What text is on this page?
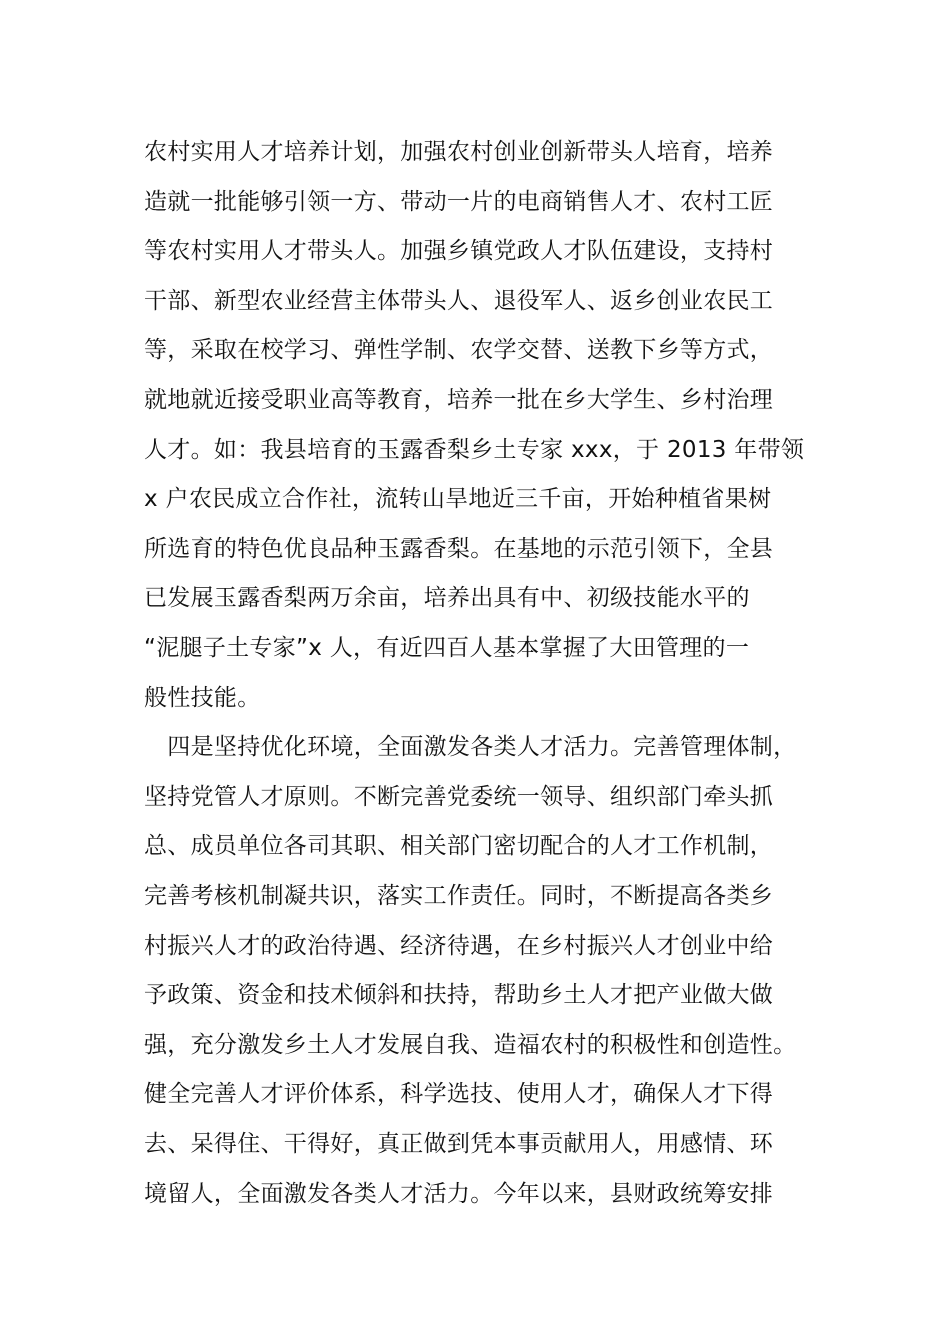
农村实用人才培养计划，加强农村创业创新带头人培育，培养
造就一批能够引领一方、带动一片的电商销售人才、农村工匠
等农村实用人才带头人。加强乡镇党政人才队伍建设，支持村
干部、新型农业经营主体带头人、退役军人、返乡创业农民工
等，采取在校学习、弹性学制、农学交替、送教下乡等方式，
就地就近接受职业高等教育，培养一批在乡大学生、乡村治理
人才。如：我县培育的玉露香梨乡土专家 xxx，于 2013 年带领
x 户农民成立合作社，流转山旱地近三千亩，开始种植省果树
所选育的特色优良品种玉露香梨。在基地的示范引领下，全县
已发展玉露香梨两万余亩，培养出具有中、初级技能水平的
“泥腿子土专家”x 人，有近四百人基本掌握了大田管理的一
般性技能。
　四是坚持优化环境，全面激发各类人才活力。完善管理体制，
坚持党管人才原则。不断完善党委统一领导、组织部门牵头抓
总、成员单位各司其职、相关部门密切配合的人才工作机制，
完善考核机制凝共识，落实工作责任。同时，不断提高各类乡
村振兴人才的政治待遇、经济待遇，在乡村振兴人才创业中给
予政策、资金和技术倾斜和扶持，帮助乡土人才把产业做大做
强，充分激发乡土人才发展自我、造福农村的积极性和创造性。
健全完善人才评价体系，科学选技、使用人才，确保人才下得
去、呆得住、干得好，真正做到凭本事贡献用人，用感情、环
境留人，全面激发各类人才活力。今年以来，县财政统筹安排
